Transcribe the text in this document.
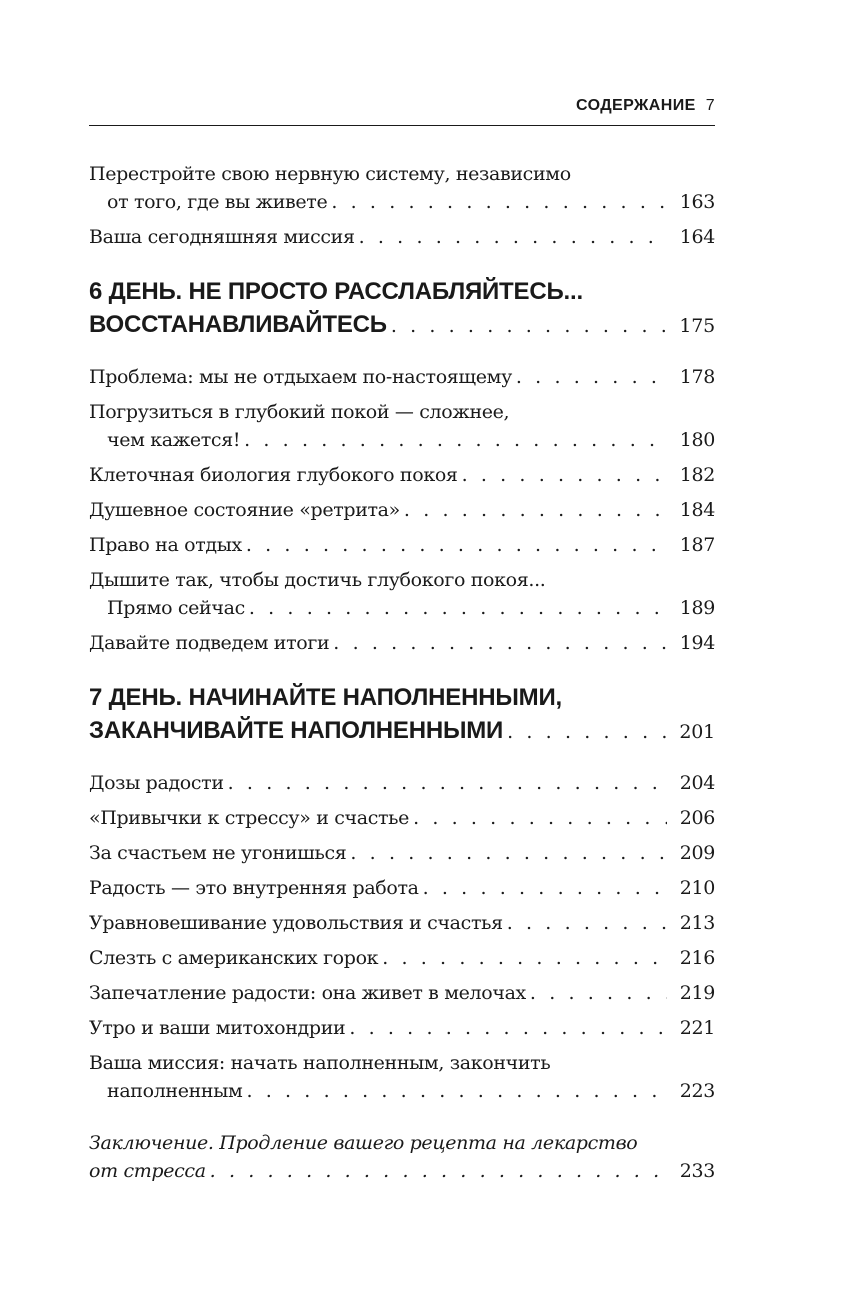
СОДЕРЖАНИЕ 7
Перестройте свою нервную систему, независимо
от того, где вы живете . . .	163
Ваша сегодняшняя миссия . . .	164
6 ДЕНЬ. НЕ ПРОСТО РАССЛАБЛЯЙТЕСЬ...
ВОССТАНАВЛИВАЙТЕСЬ . . .	175
Проблема: мы не отдыхаем по-настоящему . . .	178
Погрузиться в глубокий покой — сложнее,
чем кажется! . . .	180
Клеточная биология глубокого покоя . . .	182
Душевное состояние «ретрита» . . .	184
Право на отдых . . .	187
Дышите так, чтобы достичь глубокого покоя...
Прямо сейчас . . .	189
Давайте подведем итоги . . .	194
7 ДЕНЬ. НАЧИНАЙТЕ НАПОЛНЕННЫМИ,
ЗАКАНЧИВАЙТЕ НАПОЛНЕННЫМИ . . .	201
Дозы радости . . .	204
«Привычки к стрессу» и счастье . . .	206
За счастьем не угонишься . . .	209
Радость — это внутренняя работа . . .	210
Уравновешивание удовольствия и счастья . . .	213
Слезть с американских горок . . .	216
Запечатление радости: она живет в мелочах . . .	219
Утро и ваши митохондрии . . .	221
Ваша миссия: начать наполненным, закончить
наполненным . . .	223
Заключение. Продление вашего рецепта на лекарство
от стресса . . .	233
